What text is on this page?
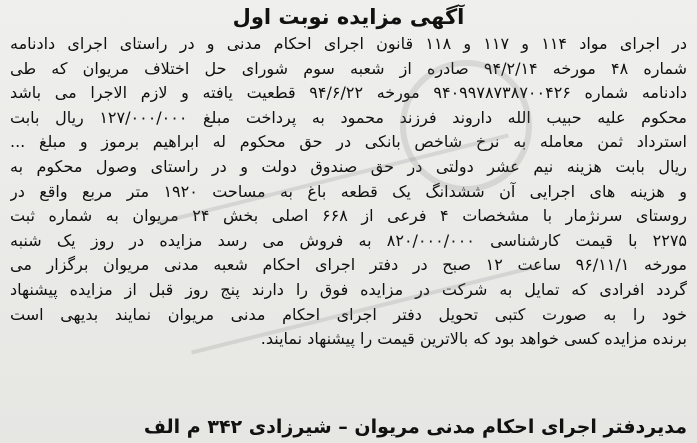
آگهی مزایده نوبت اول
در اجرای مواد ۱۱۴ و ۱۱۷ و ۱۱۸ قانون اجرای احکام مدنی و در راستای اجرای دادنامه
شماره ۴۸ مورخه ۹۴/۲/۱۴ صادره از شعبه سوم شورای حل اختلاف مریوان که طی
دادنامه شماره ۹۴۰۹۹۷۸۷۳۸۷۰۰۴۲۶ مورخه ۹۴/۶/۲۲ قطعیت یافته و لازم الاجرا می باشد
محکوم علیه حبیب الله داروند فرزند محمود به پرداخت مبلغ ۱۲۷/۰۰۰/۰۰۰ ریال بابت
استرداد ثمن معامله به نرخ شاخص بانکی در حق محکوم له ابراهیم برموز و مبلغ ...
ریال بابت هزینه نیم عشر دولتی در حق صندوق دولت و در راستای وصول محکوم به
و هزینه های اجرایی آن ششدانگ یک قطعه باغ به مساحت ۱۹۲۰ متر مربع واقع در
روستای سرنژمار با مشخصات ۴ فرعی از ۶۶۸ اصلی بخش ۲۴ مریوان به شماره ثبت
۲۲۷۵ با قیمت کارشناسی ۸۲۰/۰۰۰/۰۰۰ به فروش می رسد مزایده در روز یک شنبه
مورخه ۹۶/۱۱/۱ ساعت ۱۲ صبح در دفتر اجرای احکام شعبه مدنی مریوان برگزار می
گردد افرادی که تمایل به شرکت در مزایده فوق را دارند پنج روز قبل از مزایده پیشنهاد
خود را به صورت کتبی تحویل دفتر اجرای احکام مدنی مریوان نمایند بدیهی است
برنده مزایده کسی خواهد بود که بالاترین قیمت را پیشنهاد نمایند.
مدیردفتر اجرای احکام مدنی مریوان – شیرزادی ۳۴۲ م الف
